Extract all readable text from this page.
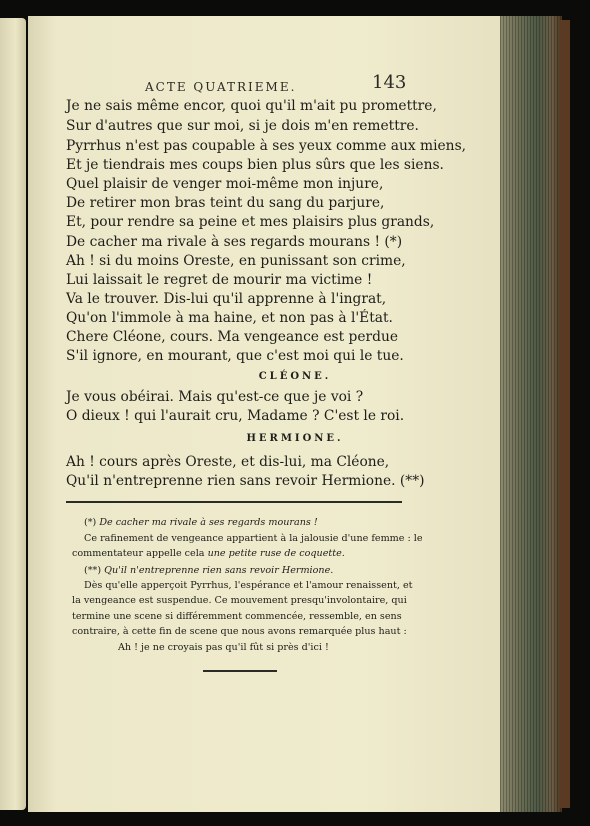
ACTE QUATRIEME.	143
Je ne sais même encor, quoi qu'il m'ait pu promettre,
Sur d'autres que sur moi, si je dois m'en remettre.
Pyrrhus n'est pas coupable à ses yeux comme aux miens,
Et je tiendrais mes coups bien plus sûrs que les siens.
Quel plaisir de venger moi-même mon injure,
De retirer mon bras teint du sang du parjure,
Et, pour rendre sa peine et mes plaisirs plus grands,
De cacher ma rivale à ses regards mourans ! (*)
Ah ! si du moins Oreste, en punissant son crime,
Lui laissait le regret de mourir ma victime !
Va le trouver. Dis-lui qu'il apprenne à l'ingrat,
Qu'on l'immole à ma haine, et non pas à l'État.
Chere Cléone, cours. Ma vengeance est perdue
S'il ignore, en mourant, que c'est moi qui le tue.
CLÉONE.
Je vous obéirai. Mais qu'est-ce que je voi ?
O dieux ! qui l'aurait cru, Madame ? C'est le roi.
HERMIONE.
Ah ! cours après Oreste, et dis-lui, ma Cléone,
Qu'il n'entreprenne rien sans revoir Hermione. (**)
(*) De cacher ma rivale à ses regards mourans !
Ce rafinement de vengeance appartient à la jalousie d'une femme : le
commentateur appelle cela une petite ruse de coquette.
(**) Qu'il n'entreprenne rien sans revoir Hermione.
Dès qu'elle apperçoit Pyrrhus, l'espérance et l'amour renaissent, et
la vengeance est suspendue. Ce mouvement presqu'involontaire, qui
termine une scene si différemment commencée, ressemble, en sens
contraire, à cette fin de scene que nous avons remarquée plus haut :
Ah ! je ne croyais pas qu'il fût si près d'ici !
